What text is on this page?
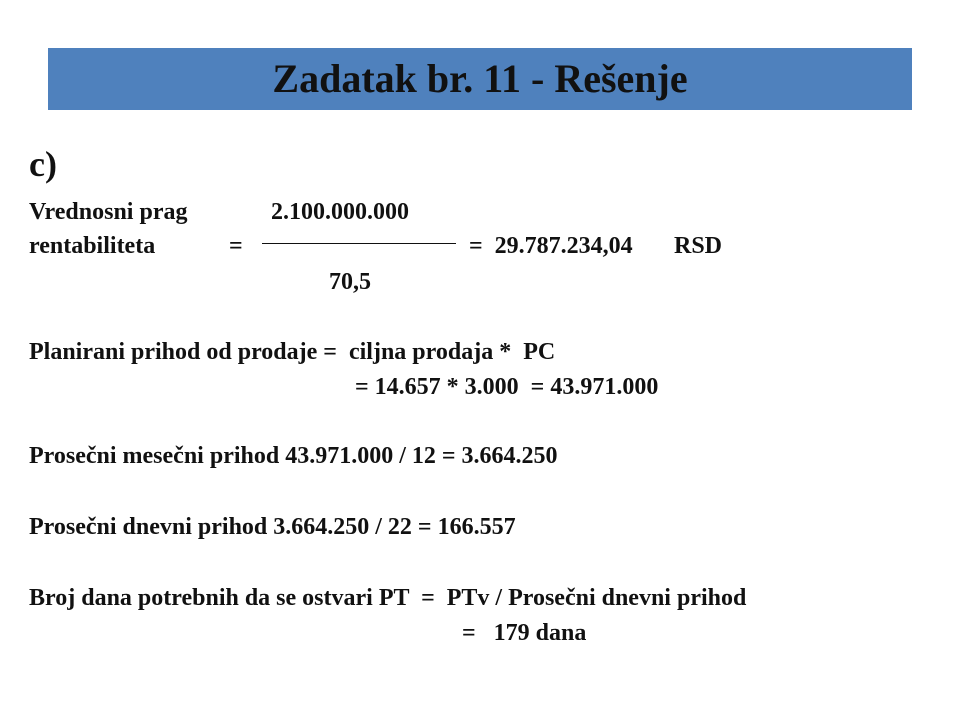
Zadatak br. 11 - Rešenje
c)
Vrednosni prag	2.100.000.000
rentabiliteta	=	=  29.787.234,04 RSD
70,5
Planirani prihod od prodaje =  ciljna prodaja *  PC
= 14.657 * 3.000  = 43.971.000
Prosečni mesečni prihod 43.971.000 / 12 = 3.664.250
Prosečni dnevni prihod 3.664.250 / 22 = 166.557
Broj dana potrebnih da se ostvari PT  =  PTv / Prosečni dnevni prihod
=   179 dana
